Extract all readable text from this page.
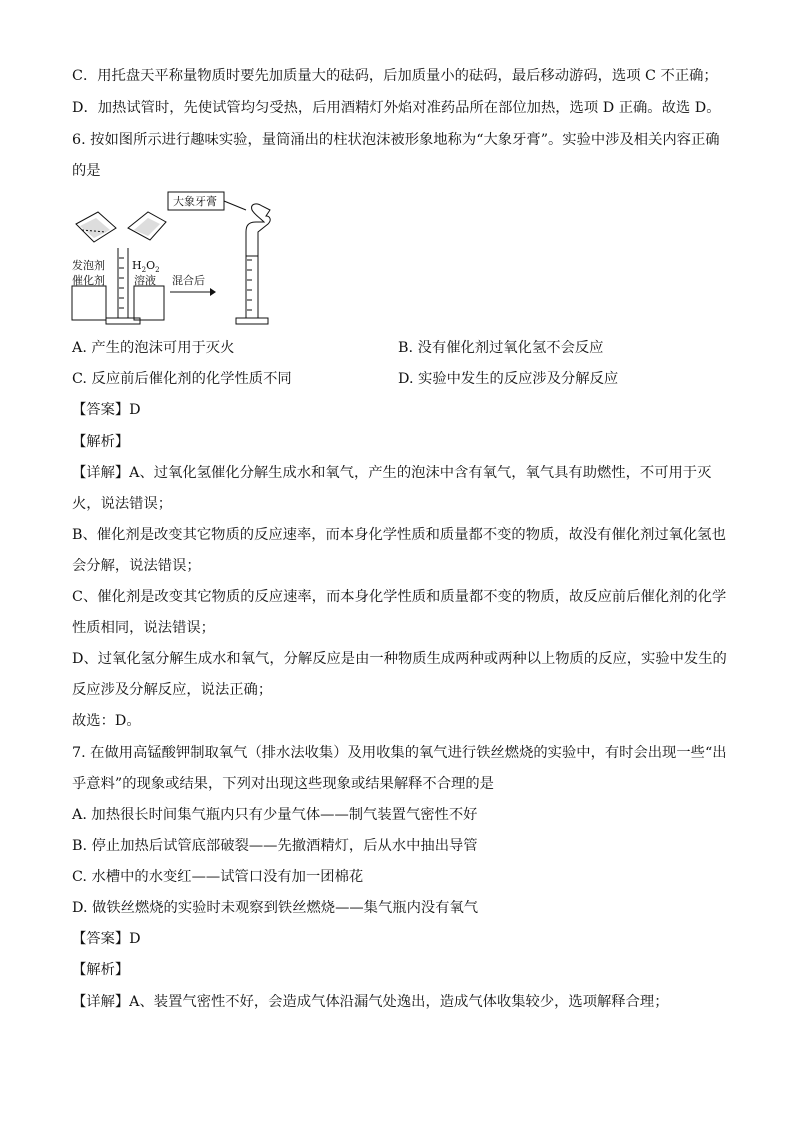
C．用托盘天平称量物质时要先加质量大的砝码，后加质量小的砝码，最后移动游码，选项 C 不正确；
D．加热试管时，先使试管均匀受热，后用酒精灯外焰对准药品所在部位加热，选项 D 正确。故选 D。
6. 按如图所示进行趣味实验，量筒涌出的柱状泡沫被形象地称为“大象牙膏”。实验中涉及相关内容正确
的是
发泡剂
催化剂
$H_2O_2$
溶液 混合后
大象牙膏
A. 产生的泡沫可用于灭火	B. 没有催化剂过氧化氢不会反应
C. 反应前后催化剂的化学性质不同	D. 实验中发生的反应涉及分解反应
【答案】D
【解析】
【详解】A、过氧化氢催化分解生成水和氧气，产生的泡沫中含有氧气，氧气具有助燃性，不可用于灭
火，说法错误；
B、催化剂是改变其它物质的反应速率，而本身化学性质和质量都不变的物质，故没有催化剂过氧化氢也
会分解，说法错误；
C、催化剂是改变其它物质的反应速率，而本身化学性质和质量都不变的物质，故反应前后催化剂的化学
性质相同，说法错误；
D、过氧化氢分解生成水和氧气，分解反应是由一种物质生成两种或两种以上物质的反应，实验中发生的
反应涉及分解反应，说法正确；
故选：D。
7. 在做用高锰酸钾制取氧气（排水法收集）及用收集的氧气进行铁丝燃烧的实验中，有时会出现一些“出
乎意料”的现象或结果，下列对出现这些现象或结果解释不合理的是
A. 加热很长时间集气瓶内只有少量气体——制气装置气密性不好
B. 停止加热后试管底部破裂——先撤酒精灯，后从水中抽出导管
C. 水槽中的水变红——试管口没有加一团棉花
D. 做铁丝燃烧的实验时未观察到铁丝燃烧——集气瓶内没有氧气
【答案】D
【解析】
【详解】A、装置气密性不好，会造成气体沿漏气处逸出，造成气体收集较少，选项解释合理；
